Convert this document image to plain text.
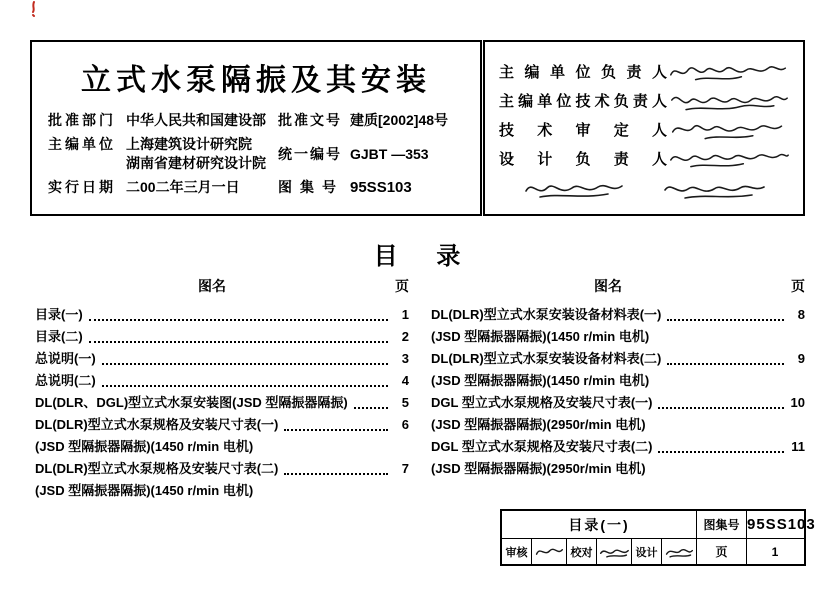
立式水泵隔振及其安装
批准部门 中华人民共和国建设部 批准文号 建质[2002]48号
主编单位 上海建筑设计研究院
湖南省建材研究设计院
统一编号 GJBT —353
实行日期 二00二年三月一日	图集号 95SS103
主编单位负责人
主编单位技术负责人
技术审定人
设计负责人
目 录
图名	页
目录(一)	1
目录(二)	2
总说明(一)	3
总说明(二)	4
DL(DLR、DGL)型立式水泵安装图(JSD 型隔振器隔振)	5
DL(DLR)型立式水泵规格及安装尺寸表(一)	6
(JSD 型隔振器隔振)(1450 r/min 电机)
DL(DLR)型立式水泵规格及安装尺寸表(二)	7
(JSD 型隔振器隔振)(1450 r/min 电机)
图名	页
DL(DLR)型立式水泵安装设备材料表(一)	8
(JSD 型隔振器隔振)(1450 r/min 电机)
DL(DLR)型立式水泵安装设备材料表(二)	9
(JSD 型隔振器隔振)(1450 r/min 电机)
DGL 型立式水泵规格及安装尺寸表(一)	10
(JSD 型隔振器隔振)(2950r/min 电机)
DGL 型立式水泵规格及安装尺寸表(二)	11
(JSD 型隔振器隔振)(2950r/min 电机)
目录(一)	图集号 95SS103
审核	校对	设计	页	1
